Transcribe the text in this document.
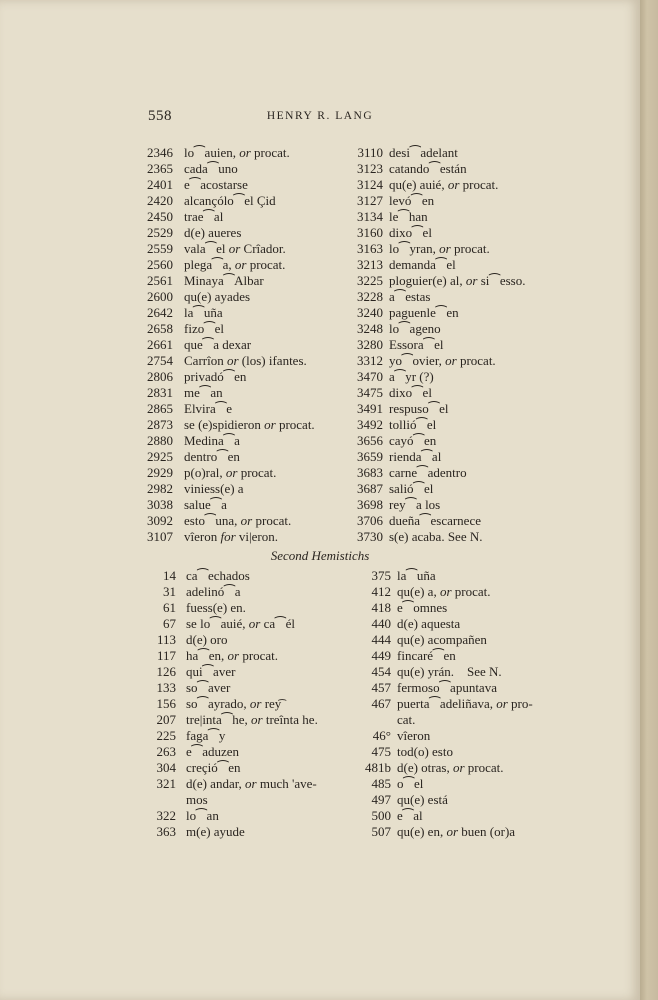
558	HENRY R. LANG
2346 lo⁀auien, or procat.
2365 cada⁀uno
2401 e⁀acostarse
2420 alcançólo⁀el Çid
2450 trae⁀al
2529 d(e) aueres
2559 vala⁀el or Crîador.
2560 plega⁀a, or procat.
2561 Minaya⁀Albar
2600 qu(e) ayades
2642 la⁀uña
2658 fizo⁀el
2661 que⁀a dexar
2754 Carrîon or (los) ifantes.
2806 privadó⁀en
2831 me⁀an
2865 Elvira⁀e
2873 se (e)spidieron or procat.
2880 Medina⁀a
2925 dentro⁀en
2929 p(o)ral, or procat.
2982 viniess(e) a
3038 salue⁀a
3092 esto⁀una, or procat.
3107 vîeron for vi|eron.
3110 desi⁀adelant
3123 catando⁀están
3124 qu(e) auié, or procat.
3127 levó⁀en
3134 le⁀han
3160 dixo⁀el
3163 lo⁀yran, or procat.
3213 demanda⁀el
3225 ploguier(e) al, or si⁀esso.
3228 a⁀estas
3240 paguenle⁀en
3248 lo⁀ageno
3280 Essora⁀el
3312 yo⁀ovier, or procat.
3470 a⁀yr (?)
3475 dixo⁀el
3491 respuso⁀el
3492 tollió⁀el
3656 cayó⁀en
3659 rienda⁀al
3683 carne⁀adentro
3687 salió⁀el
3698 rey⁀a los
3706 dueña⁀escarnece
3730 s(e) acaba. See N.
Second Hemistichs
14 ca⁀echados
31 adelinó⁀a
61 fuess(e) en.
67 se lo⁀auié, or ca⁀él
113 d(e) oro
117 ha⁀en, or procat.
126 qui⁀aver
133 so⁀aver
156 so⁀ayrado, or rey͡
207 tre|inta⁀he, or treînta he.
225 faga⁀y
263 e⁀aduzen
304 creçió⁀en
321 d(e) andar, or much 'ave-
mos
322 lo⁀an
363 m(e) ayude
375 la⁀uña
412 qu(e) a, or procat.
418 e⁀omnes
440 d(e) aquesta
444 qu(e) acompañen
449 fincaré⁀en
454 qu(e) yrán.    See N.
457 fermoso⁀apuntava
467 puerta⁀adeliñava, or pro-
cat.
46° vîeron
475 tod(o) esto
481b d(e) otras, or procat.
485 o⁀el
497 qu(e) está
500 e⁀al
507 qu(e) en, or buen (or)a
